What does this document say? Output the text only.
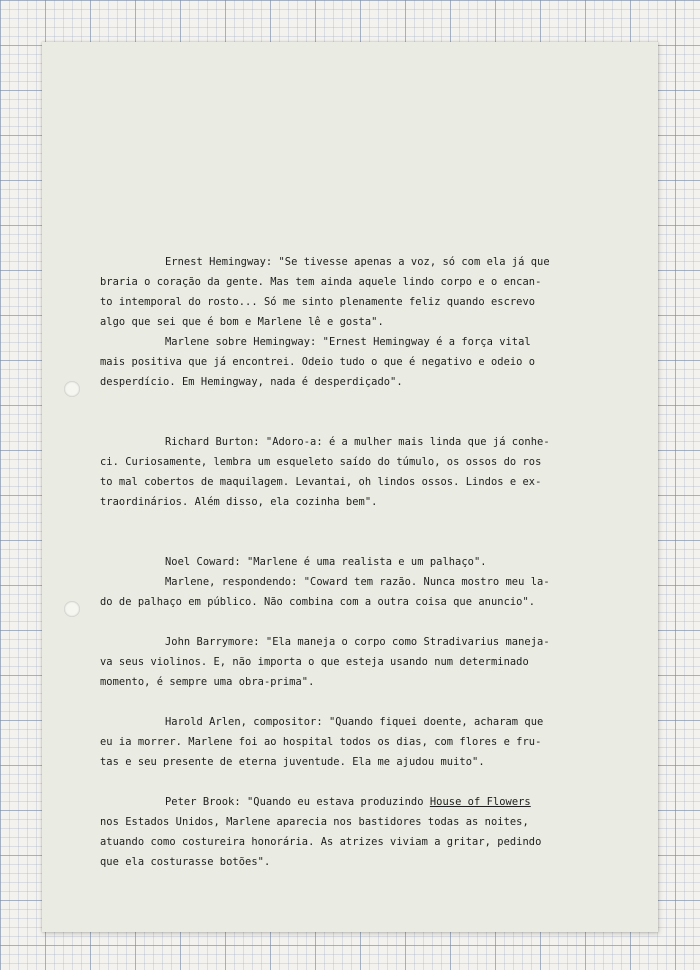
Ernest Hemingway: "Se tivesse apenas a voz, só com ela já que
braria o coração da gente. Mas tem ainda aquele lindo corpo e o encan-
to intemporal do rosto... Só me sinto plenamente feliz quando escrevo
algo que sei que é bom e Marlene lê e gosta".
Marlene sobre Hemingway: "Ernest Hemingway é a força vital
mais positiva que já encontrei. Odeio tudo o que é negativo e odeio o
desperdício. Em Hemingway, nada é desperdiçado".
Richard Burton: "Adoro-a: é a mulher mais linda que já conhe-
ci. Curiosamente, lembra um esqueleto saído do túmulo, os ossos do ros
to mal cobertos de maquilagem. Levantai, oh lindos ossos. Lindos e ex-
traordinários. Além disso, ela cozinha bem".
Noel Coward: "Marlene é uma realista e um palhaço".
Marlene, respondendo: "Coward tem razão. Nunca mostro meu la-
do de palhaço em público. Não combina com a outra coisa que anuncio".
John Barrymore: "Ela maneja o corpo como Stradivarius maneja-
va seus violinos. E, não importa o que esteja usando num determinado
momento, é sempre uma obra-prima".
Harold Arlen, compositor: "Quando fiquei doente, acharam que
eu ia morrer. Marlene foi ao hospital todos os dias, com flores e fru-
tas e seu presente de eterna juventude. Ela me ajudou muito".
Peter Brook: "Quando eu estava produzindo House of Flowers
nos Estados Unidos, Marlene aparecia nos bastidores todas as noites,
atuando como costureira honorária. As atrizes viviam a gritar, pedindo
que ela costurasse botões".
